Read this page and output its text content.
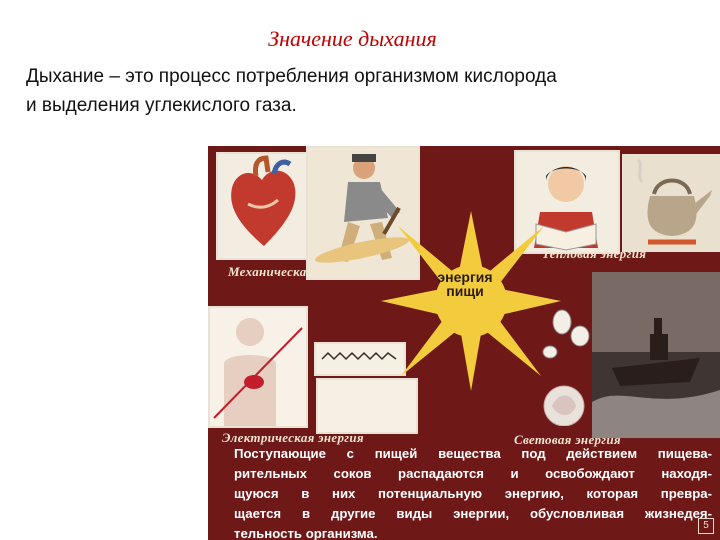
Значение дыхания
Дыхание – это процесс потребления организмом кислорода
и выделения углекислого газа.
энергия
пищи
Механическая энергия
Тепловая энергия
Электрическая энергия	Световая энергия
Поступающие с пищей вещества под действием пищева-
рительных соков распадаются и освобождают находя-
щуюся в них потенциальную энергию, которая превра-
щается в другие виды энергии, обусловливая жизнедея-
тельность организма.
5
